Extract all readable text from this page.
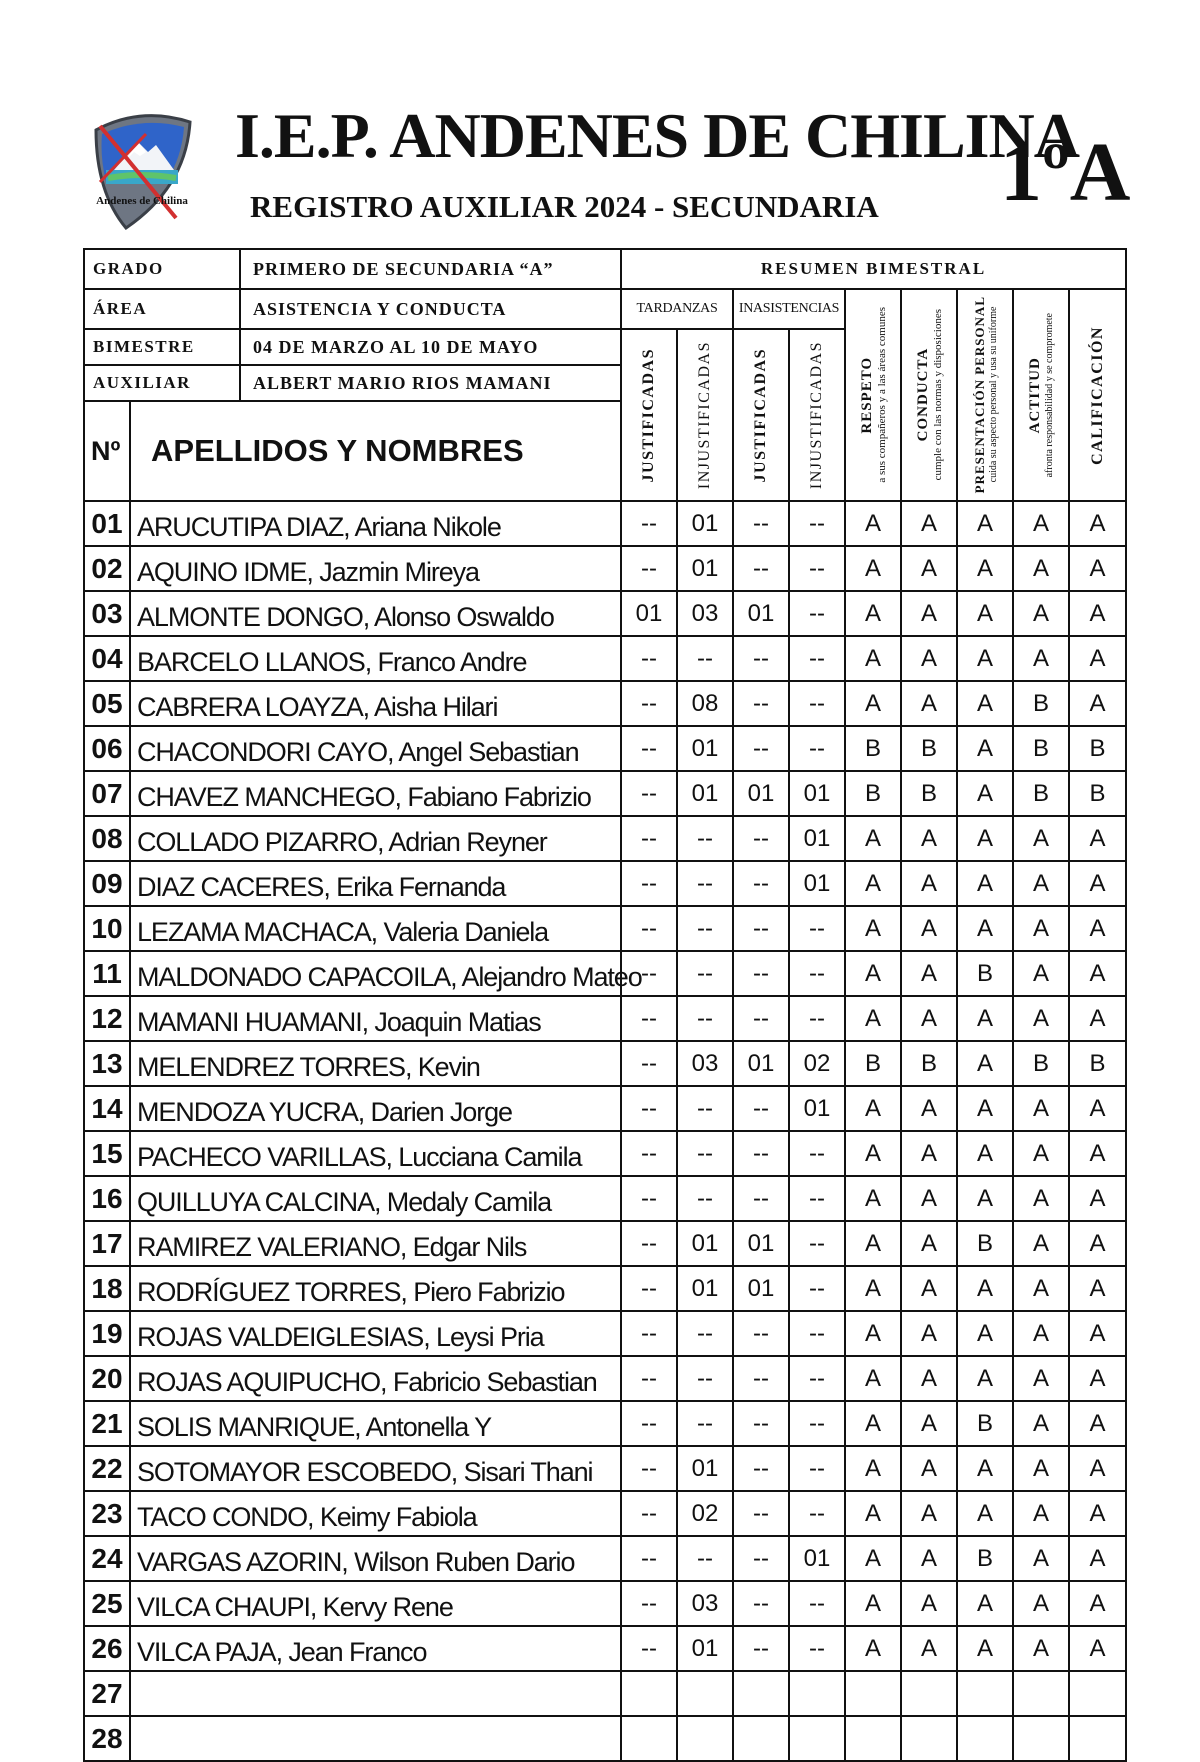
Andenes de Chilina
I.E.P. ANDENES DE CHILINA
REGISTRO AUXILIAR 2024 - SECUNDARIA	1ºA
GRADO		PRIMERO DE SECUNDARIA “A”	RESUMEN BIMESTRAL								
ÁREA		ASISTENCIA Y CONDUCTA	TARDANZAS		INASISTENCIAS		RESPETO a sus compañeros y a las áreas comunes	CONDUCTA cumple con las normas y disposiciones	PRESENTACIÓN PERSONAL cuida su aspecto personal y usa su uniforme	ACTITUD afronta responsabilidad y se compromete	CALIFICACIÓN

BIMESTRE		04 DE MARZO AL 10 DE MAYO	JUSTIFICADAS	INJUSTIFICADAS	JUSTIFICADAS	INJUSTIFICADAS					

AUXILIAR		ALBERT MARIO RIOS MAMANI									
Nº	APELLIDOS Y NOMBRES										
01	ARUCUTIPA DIAZ, Ariana Nikole		--	01	--	--	A	A	A	A	A
02	AQUINO IDME, Jazmin Mireya		--	01	--	--	A	A	A	A	A
03	ALMONTE DONGO, Alonso Oswaldo		01	03	01	--	A	A	A	A	A
04	BARCELO LLANOS, Franco Andre		--	--	--	--	A	A	A	A	A
05	CABRERA LOAYZA, Aisha Hilari		--	08	--	--	A	A	A	B	A
06	CHACONDORI CAYO, Angel Sebastian		--	01	--	--	B	B	A	B	B
07	CHAVEZ MANCHEGO, Fabiano Fabrizio		--	01	01	01	B	B	A	B	B
08	COLLADO PIZARRO, Adrian Reyner		--	--	--	01	A	A	A	A	A
09	DIAZ CACERES, Erika Fernanda		--	--	--	01	A	A	A	A	A
10	LEZAMA MACHACA, Valeria Daniela		--	--	--	--	A	A	A	A	A
11	MALDONADO CAPACOILA, Alejandro Mateo		--	--	--	--	A	A	B	A	A
12	MAMANI HUAMANI, Joaquin Matias		--	--	--	--	A	A	A	A	A
13	MELENDREZ TORRES, Kevin		--	03	01	02	B	B	A	B	B
14	MENDOZA YUCRA, Darien Jorge		--	--	--	01	A	A	A	A	A
15	PACHECO VARILLAS, Lucciana Camila		--	--	--	--	A	A	A	A	A
16	QUILLUYA CALCINA, Medaly Camila		--	--	--	--	A	A	A	A	A
17	RAMIREZ VALERIANO, Edgar Nils		--	01	01	--	A	A	B	A	A
18	RODRÍGUEZ TORRES, Piero Fabrizio		--	01	01	--	A	A	A	A	A
19	ROJAS VALDEIGLESIAS, Leysi Pria		--	--	--	--	A	A	A	A	A
20	ROJAS AQUIPUCHO, Fabricio Sebastian		--	--	--	--	A	A	A	A	A
21	SOLIS MANRIQUE, Antonella Y		--	--	--	--	A	A	B	A	A
22	SOTOMAYOR ESCOBEDO, Sisari Thani		--	01	--	--	A	A	A	A	A
23	TACO CONDO, Keimy Fabiola		--	02	--	--	A	A	A	A	A
24	VARGAS AZORIN, Wilson Ruben Dario		--	--	--	01	A	A	B	A	A
25	VILCA CHAUPI, Kervy Rene		--	03	--	--	A	A	A	A	A
26	VILCA PAJA, Jean Franco		--	01	--	--	A	A	A	A	A
27											
28											
